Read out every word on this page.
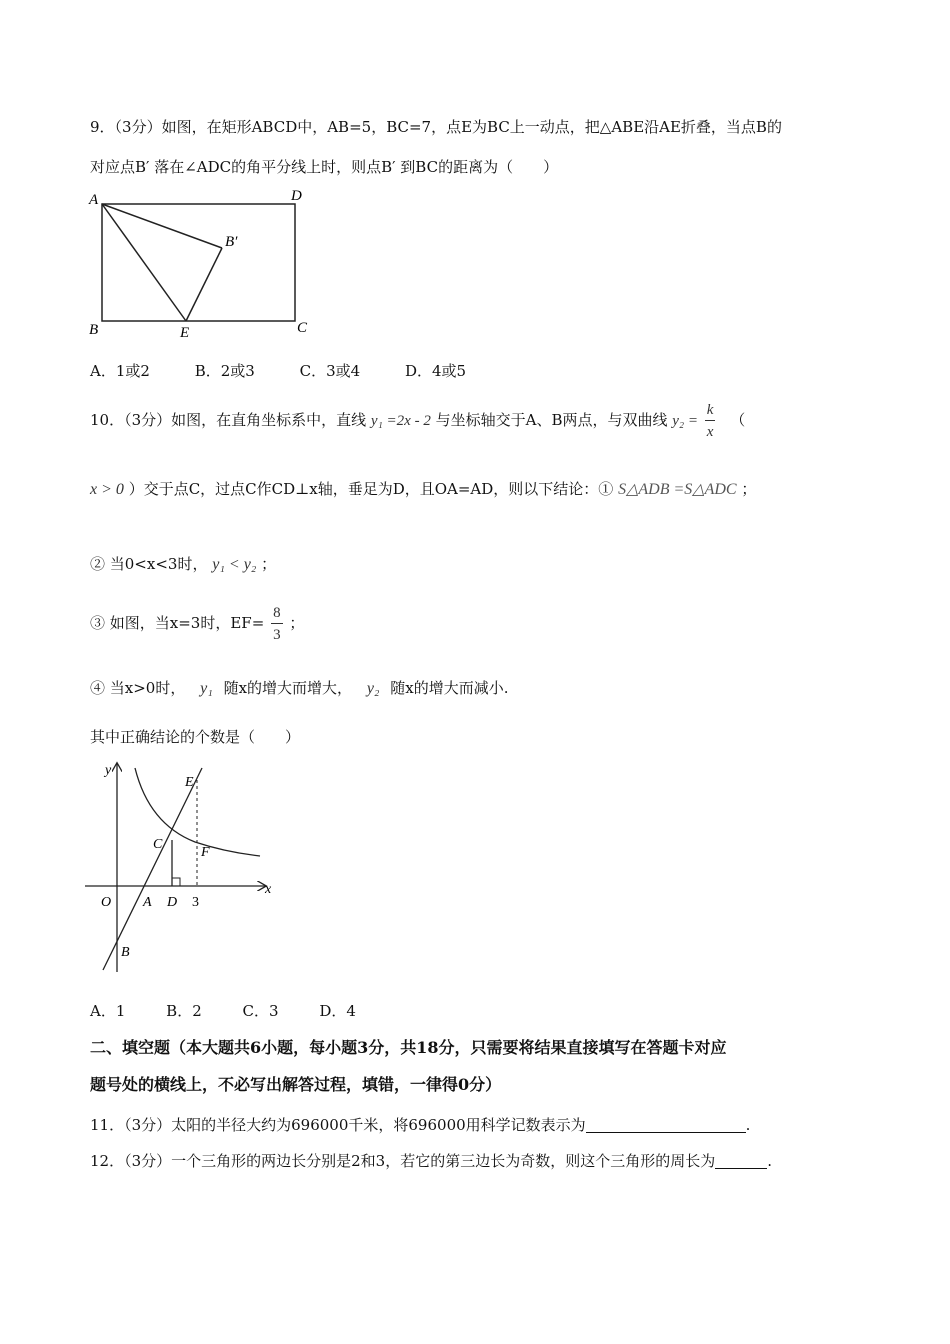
9．（3分）如图，在矩形ABCD中，AB=5，BC=7，点E为BC上一动点，把△ABE沿AE折叠，当点B的
对应点B′ 落在∠ADC的角平分线上时，则点B′ 到BC的距离为（　　）
A	D
B′
B	E	C
A．1或2	B．2或3	C．3或4	D．4或5
10．（3分）如图，在直角坐标系中，直线 y₁ =2x - 2 与坐标轴交于A、B两点，与双曲线 $y_2 = \frac{k}{x}$ （
x > 0 ）交于点C，过点C作CD⊥x轴，垂足为D，且OA=AD，则以下结论：① S△ADB =S△ADC ；
② 当0<x<3时， y₁ < y₂ ；
③ 如图，当x=3时，$EF= \frac{8}{3}$ ；
④ 当x>0时， y₁ 随x的增大而增大， y₂ 随x的增大而减小.
其中正确结论的个数是（　　）
y
x
O A D 3
B
C
E
F
A．1	B．2	C．3	D．4
二、填空题（本大题共6小题，每小题3分，共18分，只需要将结果直接填写在答题卡对应
题号处的横线上，不必写出解答过程，填错，一律得0分）
11．（3分）太阳的半径大约为696000千米，将696000用科学记数表示为	.
12．（3分）一个三角形的两边长分别是2和3，若它的第三边长为奇数，则这个三角形的周长为	.
